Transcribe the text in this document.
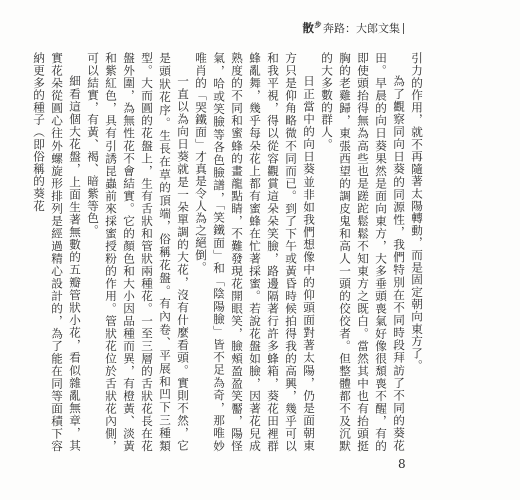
散$^步$ 奔路：大郎文集

引力的作用，就不再隨著太陽轉動，而是固定朝向東方了。

為了觀察同向日葵的同源性，我們特別在不同時段拜訪了不同的葵花田。早晨的向日葵果然是面向東方，大多垂頭喪氣好像很頹喪不醒，有的即使頭抬得無為高些也是蹉跎鬆鬆不知東方之既白。當然其中也有抬頭挺胸的老雞歸，東張西望的調皮鬼和高人一頭的佼佼者。但整體都不及沉默的大多數的群人。

日正當中的向日葵並非如我們想像中的仰頭面對著太陽，仍是面朝東方只是仰角略微不同而已。到了下午或黃昏時候拍得我的高興，幾乎可以和我平視，得以從容觀賞這朵朵笑臉，路邊隔著行許多蜂箱，葵花田裡群蜂亂舞，幾乎每朵花上都有蜜蜂在忙著採蜜。若說花盤如臉，因著花兒成熟度的不同和蜜蜂的畫龍點睛，不難發現花開眼笑，臉頰盈盈笑靨，陽怪氣，哈或笑臉等各色臉譜，「笑鐵面」和「陰陽臉」皆不足為奇，那唯妙唯肖的「哭鐵面」才真是令人為之絕倒。

一直以為向日葵就是一朵單調的大花，沒有什麼看頭。實則不然，它是頭狀花序。生長在草的頂端，俗稱花盤。有內卷、平展和凹下三種類型。大而圓的花盤上，生有舌狀和管狀兩種花。一至三層的舌狀花長在花盤外圍，為無性花不會結實。它的顏色和大小因品種而異，有橙黃、淡黃和紫紅色，具有引誘昆蟲前來採蜜授粉的作用。管狀花位於舌狀花內側，可以結實，有黃、褐、暗紫等色。

細看這個大花盤，上面生著無數的五瓣管狀小花，看似雜亂無章，其實花朵從圓心往外螺旋形排列是經過精心設計的，為了能在同等面積下容納更多的種子（即俗稱的葵花

8
